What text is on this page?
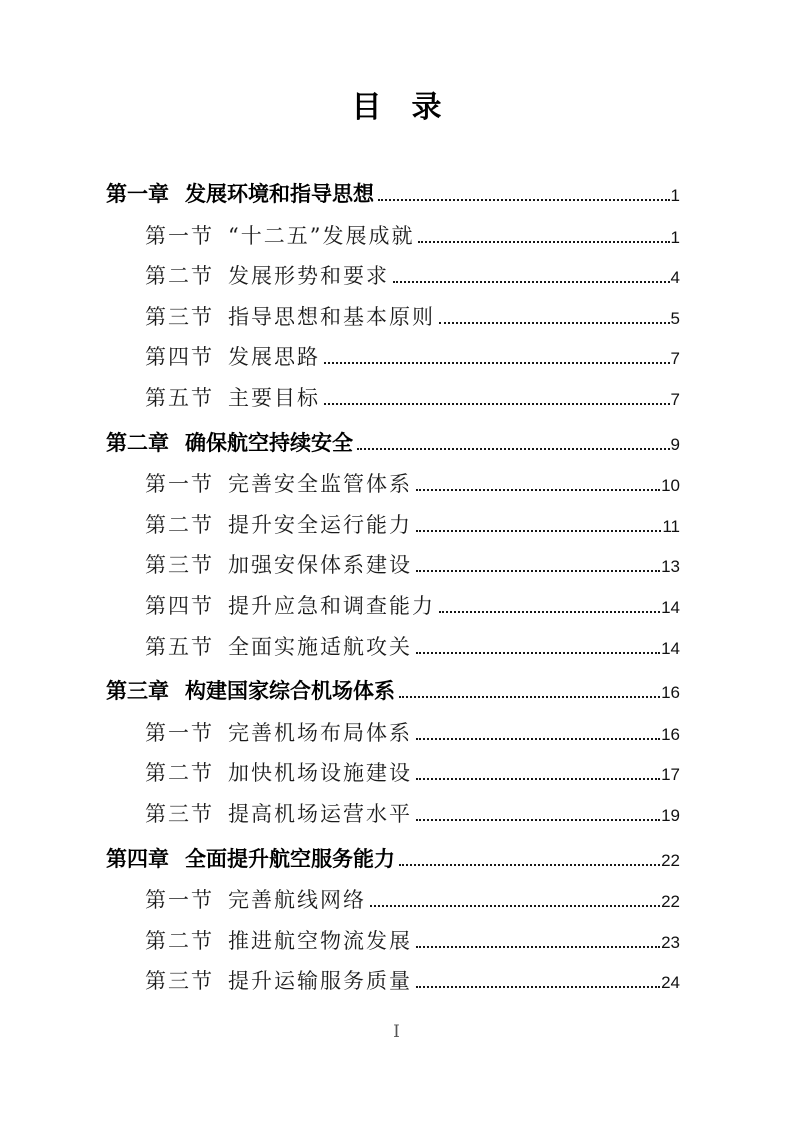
目　录
第一章 发展环境和指导思想	1
第一节 “十二五”发展成就	1
第二节 发展形势和要求	4
第三节 指导思想和基本原则	5
第四节 发展思路	7
第五节 主要目标	7
第二章 确保航空持续安全	9
第一节 完善安全监管体系	10
第二节 提升安全运行能力	11
第三节 加强安保体系建设	13
第四节 提升应急和调查能力	14
第五节 全面实施适航攻关	14
第三章 构建国家综合机场体系	16
第一节 完善机场布局体系	16
第二节 加快机场设施建设	17
第三节 提高机场运营水平	19
第四章 全面提升航空服务能力	22
第一节 完善航线网络	22
第二节 推进航空物流发展	23
第三节 提升运输服务质量	24
I
